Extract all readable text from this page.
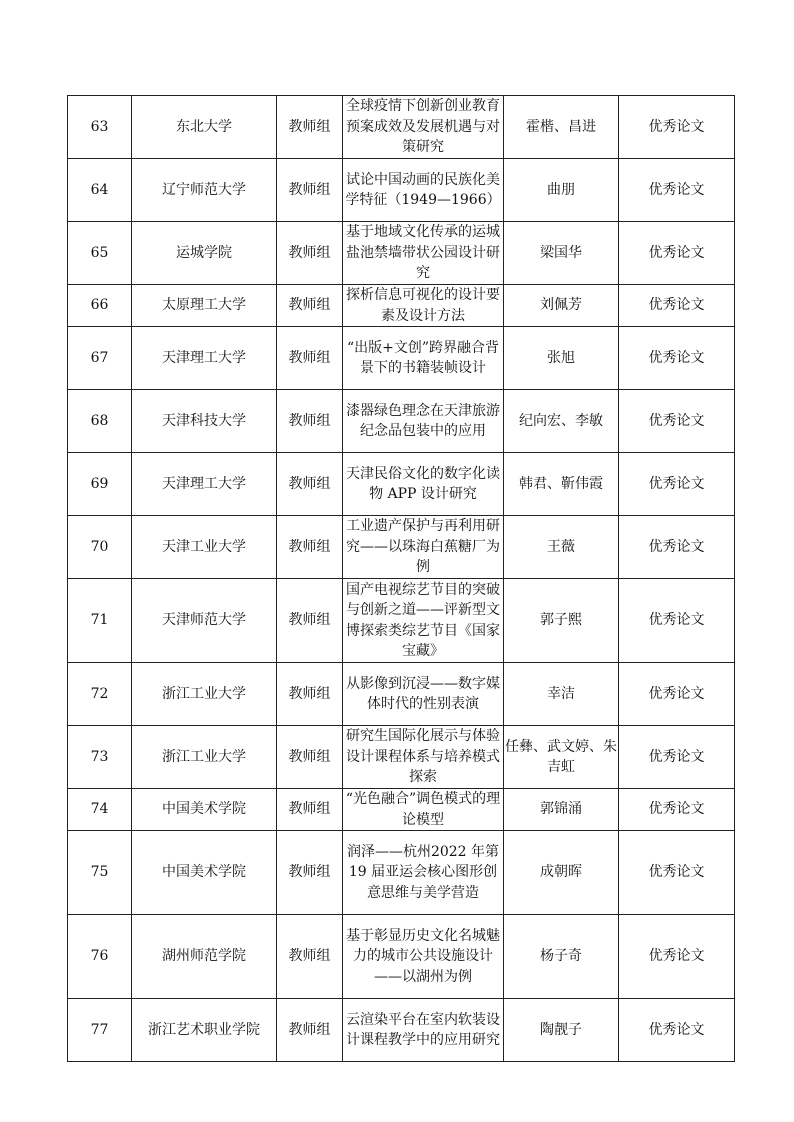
63	东北大学	教师组	全球疫情下创新创业教育预案成效及发展机遇与对策研究	霍楷、昌进	优秀论文
64	辽宁师范大学	教师组	试论中国动画的民族化美学特征（1949—1966）	曲朋	优秀论文
65	运城学院	教师组	基于地域文化传承的运城盐池禁墙带状公园设计研究	梁国华	优秀论文
66	太原理工大学	教师组	探析信息可视化的设计要素及设计方法	刘佩芳	优秀论文
67	天津理工大学	教师组	“出版+文创”跨界融合背景下的书籍装帧设计	张旭	优秀论文
68	天津科技大学	教师组	漆器绿色理念在天津旅游纪念品包装中的应用	纪向宏、李敏	优秀论文
69	天津理工大学	教师组	天津民俗文化的数字化读物 APP 设计研究	韩君、靳伟霞	优秀论文
70	天津工业大学	教师组	工业遗产保护与再利用研究——以珠海白蕉糖厂为例	王薇	优秀论文
71	天津师范大学	教师组	国产电视综艺节目的突破与创新之道——评新型文博探索类综艺节目《国家宝藏》	郭子熙	优秀论文
72	浙江工业大学	教师组	从影像到沉浸——数字媒体时代的性别表演	幸洁	优秀论文
73	浙江工业大学	教师组	研究生国际化展示与体验设计课程体系与培养模式探索	任彝、武文婷、朱吉虹	优秀论文
74	中国美术学院	教师组	“光色融合”调色模式的理论模型	郭锦涌	优秀论文
75	中国美术学院	教师组	润泽——杭州2022 年第19 届亚运会核心图形创意思维与美学营造	成朝晖	优秀论文
76	湖州师范学院	教师组	基于彰显历史文化名城魅力的城市公共设施设计——以湖州为例	杨子奇	优秀论文
77	浙江艺术职业学院	教师组	云渲染平台在室内软装设计课程教学中的应用研究	陶靓子	优秀论文
